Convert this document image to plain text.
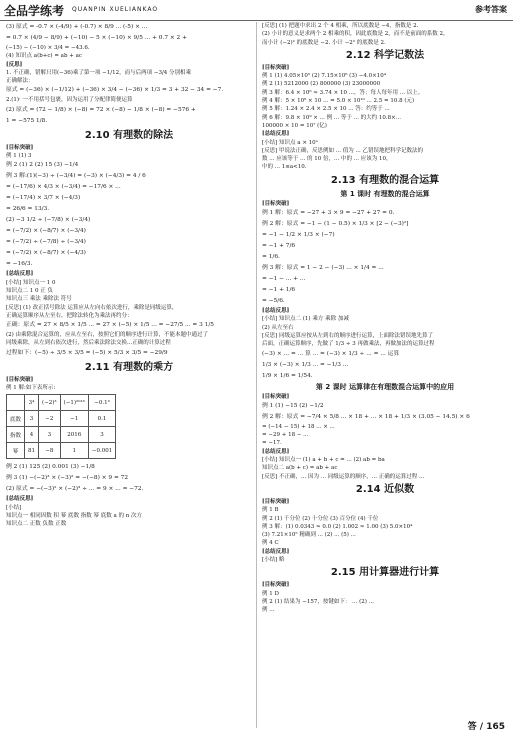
全品学练考 QUANPIN XUELIANKAO	参考答案
(3) 原式 = -0.7 × (-4/9) + (-0.7) × 8/9 ... (-5) × ...
= 0.7 × (4/9 − 8/9) + (−10) − 5 × (−10) × 9/5 ... + 0.7 × 2 +
(−15) − (−10) × 3/4 = −43.6.
(4) 知识点 a(b+c) = ab + ac
[反思]
1. 不正确，错解只用(−36)乘了第一项 −1/12，而与后两项 −3/4 分别相乘
正确解法：
原式 = (−36) × (−1/12) + (−36) × 3/4 − (−36) × 1/3 = 3 + 32 − 34 = −7.
2.(1)· 一不用括号包裹，因为运用了分配律简便运算
(2) 原式 = (72 − 1/8) × (−8) = 72 × (−8) − 1/8 × (−8) = −576 +
1 = −575 1/8.
2.10 有理数的除法
[目标突破]
例 1 (1) 3
例 2 (1) 2 (2) 15 (3) −1/4
例 3 解:(1)(−3) ÷ (−3/4) = (−3) × (−4/3) = 4 / 6
= (−17/6) × 4/3 × (−3/4) = −17/6 × ...
= (−17/4) × 3/7 × (−4/3)
= 26/6 = 13/3.
(2) −3 1/2 ÷ (−7/8) × (−3/4)
= (−7/2) × (−8/7) × (−3/4)
= (−7/2) ÷ (−7/8) ÷ (−3/4)
= (−7/2) × (−8/7) × (−4/3)
= −16/3.
[总结反思]
[小结] 知识点一 1 0
知识点二 1 0 正 负
知识点三 乘法 乘除法 符号
[反思] (1) 改正括号除法 运算应从左向右依次进行，乘除是同级运算，
正确运算顺序从左至右，把除法转化为乘法再约分：
正确：原式 = 27 × 8/5 × 1/5 ... = 27 × (−5) × 1/5 ... = −27/5 ... = 3 1/5
(2) 由乘除混合运算的，应从左至右，按照它们的顺序进行计算，不能本题中通过了
同级乘除，从左到右依次进行，然后乘法除法交换...正确的计算过程
过程如下：(−5) ÷ 3/5 × 3/5 = (−5) × 5/3 × 3/5 = −29/9
2.11 有理数的乘方
[目标突破]
例 1 解:如下表所示:
	3⁴	(−2)³	(−1)²⁰¹⁶	−0.1³
底数	3	−2	−1	0.1
指数	4	3	2016	3
幂	81	−8	1	−0.001
例 2 (1) 125 (2) 0.001 (3) −1/8
例 3 (1) −(−2)³ × (−3)² = −(−8) × 9 = 72
(2) 原式 = −(−3)² × (−2)³ ÷ ... = 9 × ... = −72.
[总结反思]
[小结]
知识点一 相同因数 积 幂 底数 指数 幂 底数 a 的 n 次方
知识点二 正数 负数 正数
[反思] (1) 把题中求出 2 个 4 相乘，所以底数是 −4，指数是 2.
(2) 小计的意义是求两个 2 相乘的积，因此底数是 2，而不是前面的系数 2，
而小计 (−2)² 的底数是 −2. 小计 −2² 的底数是 2.
2.12 科学记数法
[目标突破]
例 1 (1) 4.05×10⁵ (2) 7.15×10⁶ (3) −4.0×10⁴
例 2 (1) 5212000 (2) 800000 (3) 23000000
例 3 解：6.4 × 10⁶ ≈ 3.74 × 10 ...，答：每人每年用 ... 以上。
例 4 解：5 × 10⁶ × 10 ... = 5.0 × 10¹⁰ ... 2.5 = 10.8 (元)
例 5 解：1.24 × 2.4 × 2.5 × 10 ... 答：约等于 ...
例 6 解：9.8 × 10⁹ × ... 例 ... 等于 ... 的大约 10.8×...
100000 × 10 = 10⁷ (亿)
[总结反思]
[小结] 知识点 a × 10ⁿ
[反思] 甲说法正确，反思例如 ... 值为 ... 乙错误地把科学记数法的
数 ... 应该等于 ... 的 10 倍，... 中的 ... 应该为 10，
中的 ... 1≤a<10.
2.13 有理数的混合运算
第 1 课时 有理数的混合运算
[目标突破]
例 1 解：原式 = −27 + 3 × 9 = −27 + 27 = 0.
例 2 解：原式 = −1 − (1 − 0.5) × 1/3 × [2 − (−3)²]
= −1 − 1/2 × 1/3 × (−7)
= −1 + 7/6
= 1/6.
例 3 解：原式 = 1 − 2 − (−3) ... × 1/4 = ...
= −1 − ... + ...
= −1 + 1/6
= −5/6.
[总结反思]
[小结] 知识点二 (1) 乘方 乘除 加减
(2) 从左至右
[反思] 同级运算应按从左到右的顺序进行运算，上面除法错误地先算了
后面，正确运算顺序，先做了 1/3 ÷ 3 再做乘法，再做加法的运算过程
(−3) × ... = ... 算 ... = (−3) × 1/3 ÷ ... = ... 运算
1/3 × (−3) × 1/3 ... = −1/3 ...
1/9 × 1/6 = 1/54.
第 2 课时 运算律在有理数混合运算中的应用
[目标突破]
例 1 (1) −15 (2) −1/2
例 2 解：原式 = −7/4 × 5/8 ... × 18 + ... × 18 + 1/3 × (3.05 − 14.5) × 6
= (−14 − 15) + 18 ... × ...
= −29 + 18 − ...
= −17.
[总结反思]
[小结] 知识点一 (1) a + b + c = ... (2) ab = ba
知识点二 a(b + c) = ab + ac
[反思] 不正确，... 因为 ... 同级运算的顺序，... 正确的运算过程 ...
2.14 近似数
[目标突破]
例 1 B
例 2 (1) 千分位 (2) 十分位 (3) 百分位 (4) 千位
例 3 解：(1) 0.0343 ≈ 0.0 (2) 1.002 ≈ 1.00 (3) 5.0×10⁴
(3) 7.21×10⁵ 精确到 ... (2) ... (5) ...
例 4 C
[总结反思]
[小结] 略
2.15 用计算器进行计算
[目标突破]
例 1 D
例 2 (1) 结果为 −157，按键如下： ... (2) ...
例 ...
答 / 165
